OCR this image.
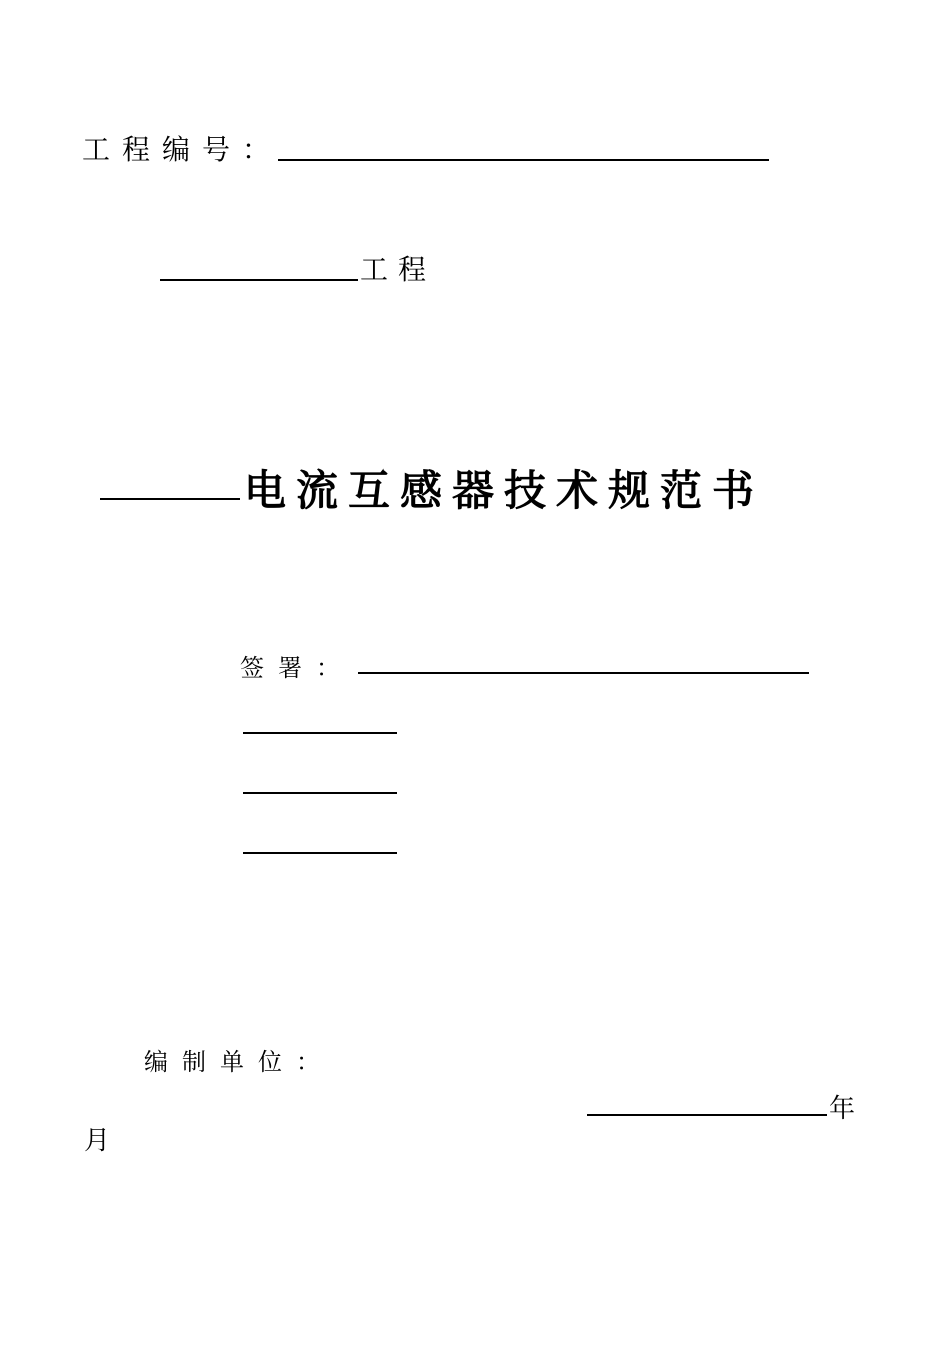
工程编号：
工程
电流互感器技术规范书
签署：
编制单位：
年
月
